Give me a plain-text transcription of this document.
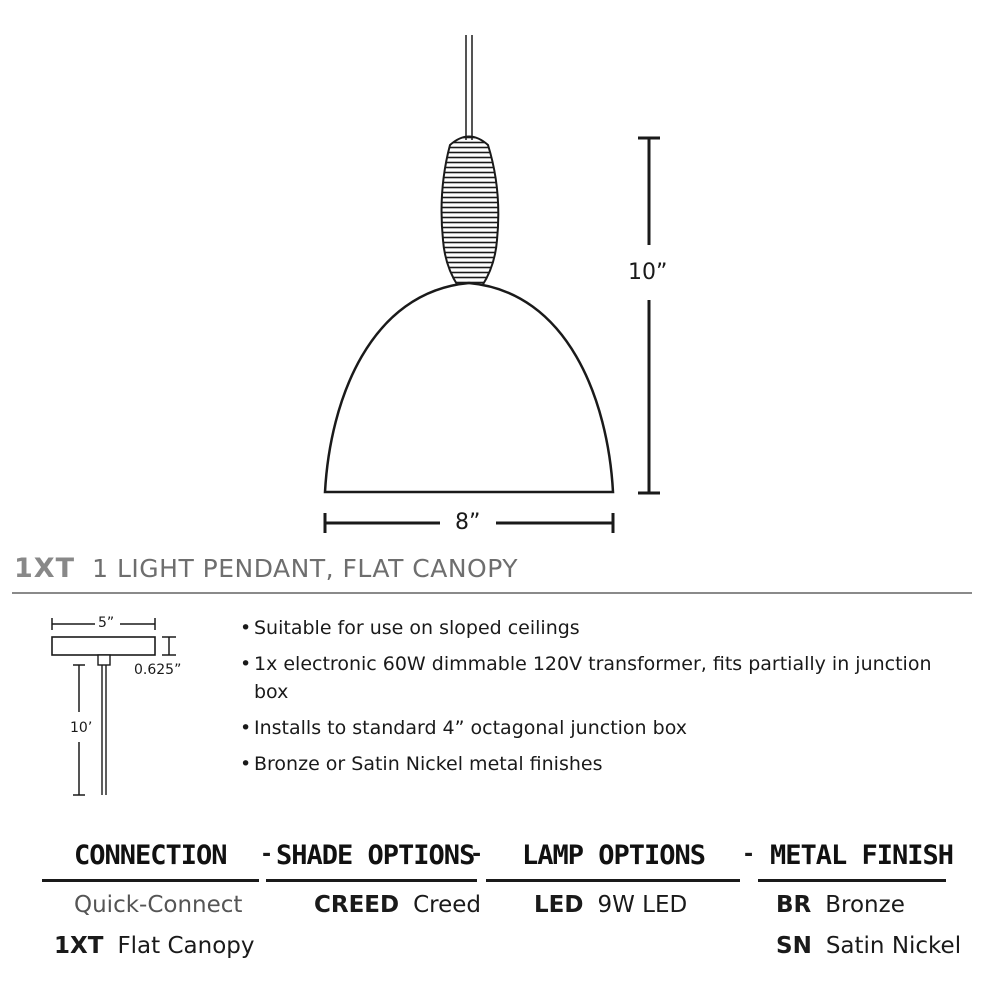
10”
8”
1XT 1 LIGHT PENDANT, FLAT CANOPY
5”
0.625”
10’
• Suitable for use on sloped ceilings
• 1x electronic 60W dimmable 120V transformer, fits partially in junction box
• Installs to standard 4” octagonal junction box
• Bronze or Satin Nickel metal finishes
CONNECTION - SHADE OPTIONS
- LAMP OPTIONS - METAL FINISH
Quick-Connect
1XT Flat Canopy
CREED Creed LED 9W LED	BR Bronze
SN Satin Nickel
